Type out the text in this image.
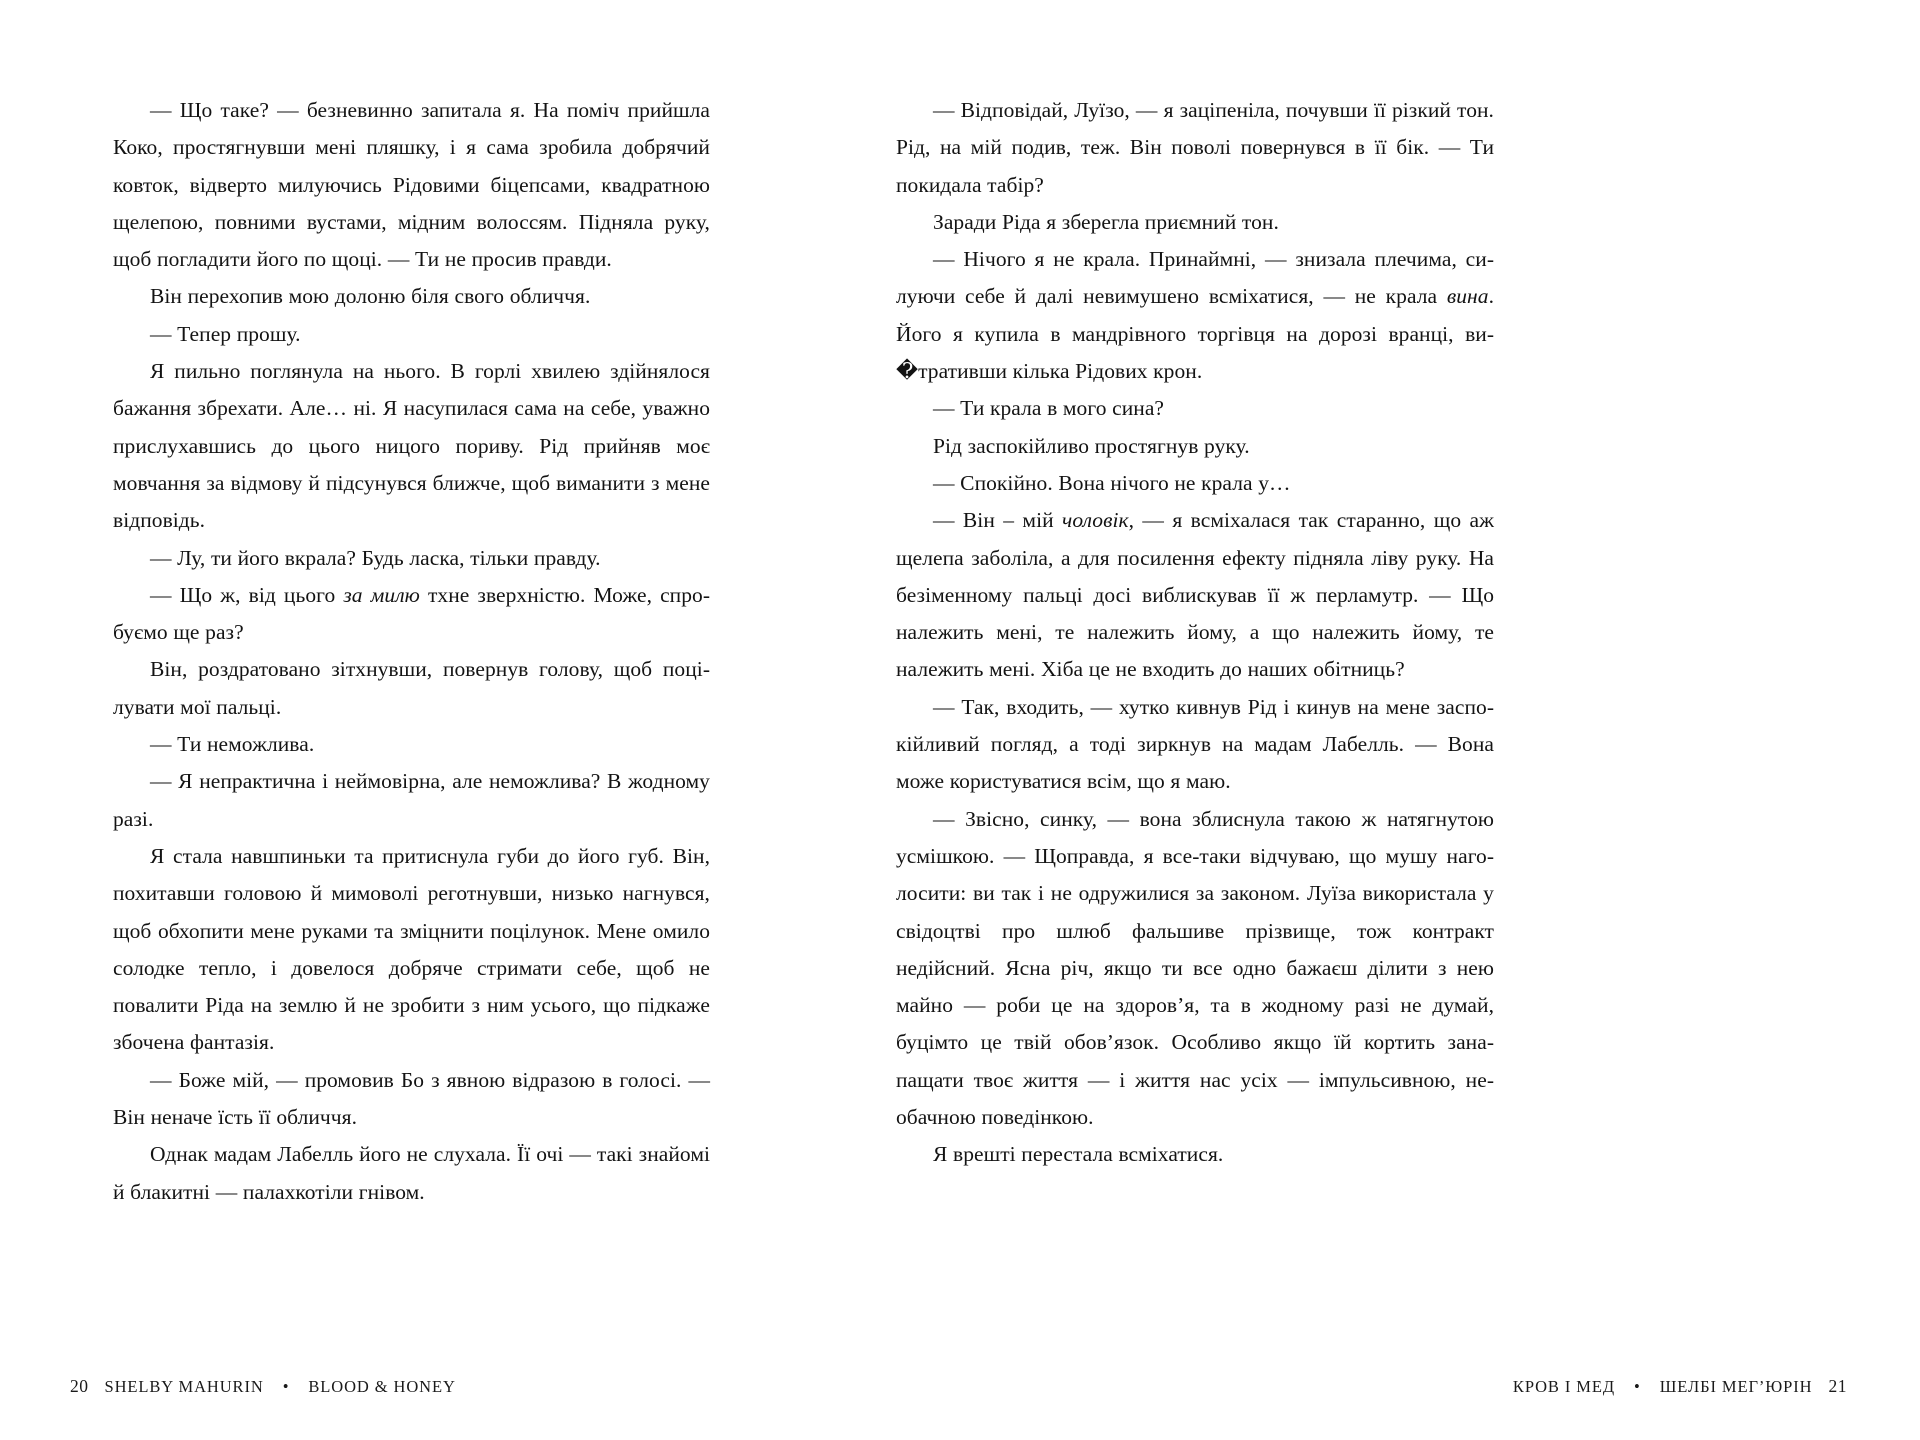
— Що таке? — безневинно запитала я. На поміч прийшла Коко, простягнувши мені пляшку, і я сама зробила добрячий ковток, відверто милуючись Рідовими біцепсами, квадратною щелепою, повними вустами, мідним волоссям. Підняла руку, щоб погладити його по щоці. — Ти не просив правди.

Він перехопив мою долоню біля свого обличчя.

— Тепер прошу.

Я пильно поглянула на нього. В горлі хвилею здійнялося бажання збрехати. Але… ні. Я насупилася сама на себе, уважно прислухавшись до цього ницого пориву. Рід прийняв моє мовчання за відмову й підсунувся ближче, щоб виманити з мене відповідь.

— Лу, ти його вкрала? Будь ласка, тільки правду.

— Що ж, від цього за милю тхне зверхністю. Може, спробуємо ще раз?

Він, роздратовано зітхнувши, повернув голову, щоб поцілувати мої пальці.

— Ти неможлива.

— Я непрактична і неймовірна, але неможлива? В жодному разі.

Я стала навшпиньки та притиснула губи до його губ. Він, похитавши головою й мимоволі реготнувши, низько нагнувся, щоб обхопити мене руками та зміцнити поцілунок. Мене омило солодке тепло, і довелося добряче стримати себе, щоб не повалити Ріда на землю й не зробити з ним усього, що підкаже збочена фантазія.

— Боже мій, — промовив Бо з явною відразою в голосі. — Він неначе їсть її обличчя.

Однак мадам Лабелль його не слухала. Її очі — такі знайомі й блакитні — палахкотіли гнівом.

20 SHELBY MAHURIN • BLOOD & HONEY

— Відповідай, Луїзо, — я заціпеніла, почувши її різкий тон. Рід, на мій подив, теж. Він поволі повернувся в її бік. — Ти покидала табір?

Заради Ріда я зберегла приємний тон.

— Нічого я не крала. Принаймні, — знизала плечима, силуючи себе й далі невимушено всміхатися, — не крала вина. Його я купила в мандрівного торгівця на дорозі вранці, ви�тративши кілька Рідових крон.

— Ти крала в мого сина?

Рід заспокійливо простягнув руку.

— Спокійно. Вона нічого не крала у…

— Він – мій чоловік, — я всміхалася так старанно, що аж щелепа заболіла, а для посилення ефекту підняла ліву руку. На безіменному пальці досі виблискував її ж перламутр. — Що належить мені, те належить йому, а що належить йому, те належить мені. Хіба це не входить до наших обітниць?

— Так, входить, — хутко кивнув Рід і кинув на мене заспокійливий погляд, а тоді зиркнув на мадам Лабелль. — Вона може користуватися всім, що я маю.

— Звісно, синку, — вона зблиснула такою ж натягнутою усмішкою. — Щоправда, я все-таки відчуваю, що мушу наголосити: ви так і не одружилися за законом. Луїза використала у свідоцтві про шлюб фальшиве прізвище, тож контракт недійсний. Ясна річ, якщо ти все одно бажаєш ділити з нею майно — роби це на здоров’я, та в жодному разі не думай, буцімто це твій обов’язок. Особливо якщо їй кортить занапащати твоє життя — і життя нас усіх — імпульсивною, необачною поведінкою.

Я врешті перестала всміхатися.

КРОВ І МЕД • ШЕЛБІ МЕГ’ЮРІН 21
